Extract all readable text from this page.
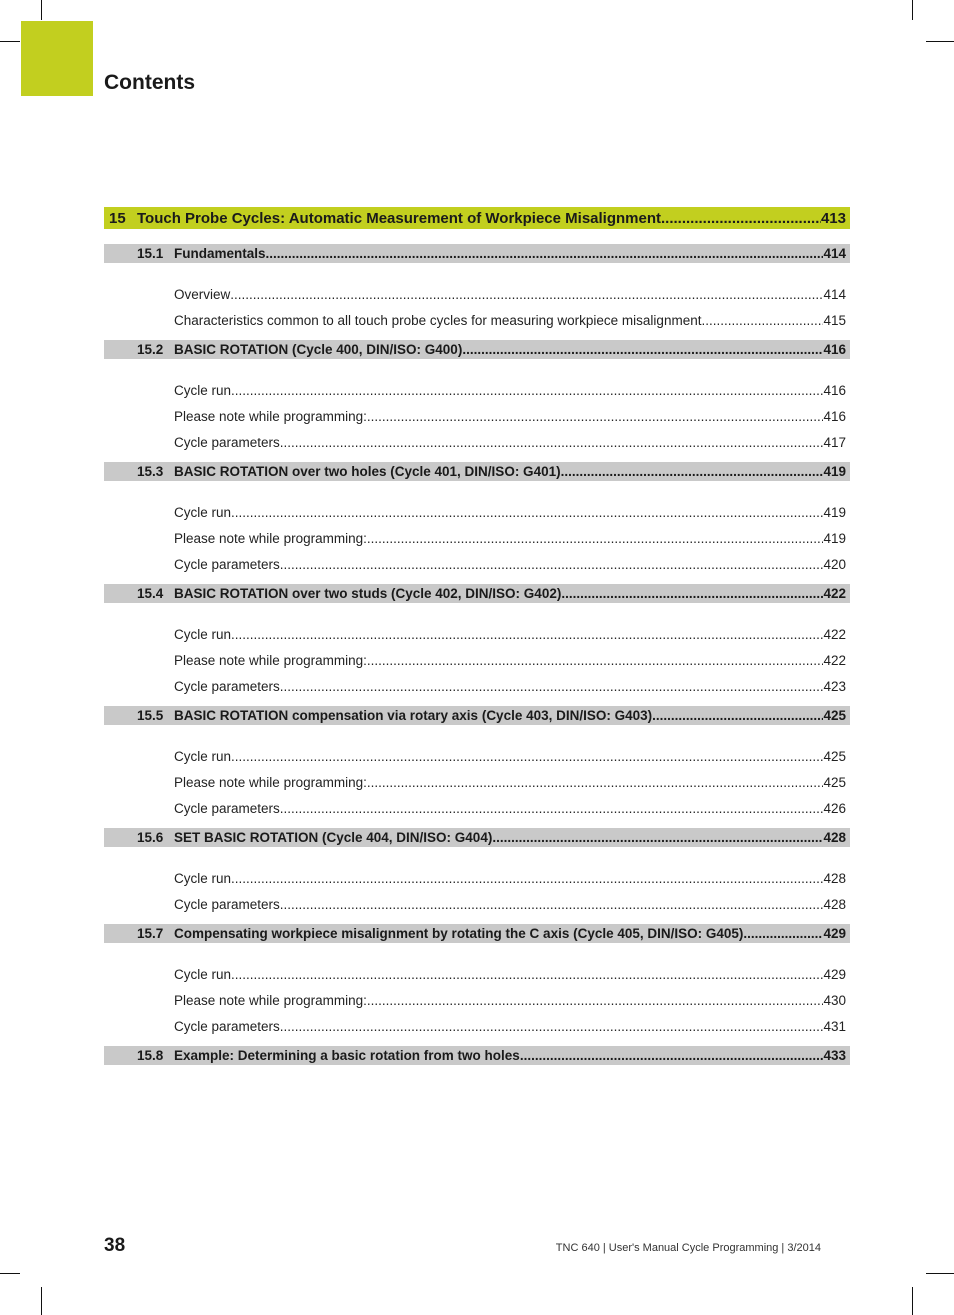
Contents
15 Touch Probe Cycles: Automatic Measurement of Workpiece Misalignment .....	413
15.1 Fundamentals .....	414
Overview .....	414
Characteristics common to all touch probe cycles for measuring workpiece misalignment .....	415
15.2 BASIC ROTATION (Cycle 400, DIN/ISO: G400) .....	416
Cycle run .....	416
Please note while programming: .....	416
Cycle parameters .....	417
15.3 BASIC ROTATION over two holes (Cycle 401, DIN/ISO: G401) .....	419
Cycle run .....	419
Please note while programming: .....	419
Cycle parameters .....	420
15.4 BASIC ROTATION over two studs (Cycle 402, DIN/ISO: G402) .....	422
Cycle run .....	422
Please note while programming: .....	422
Cycle parameters .....	423
15.5 BASIC ROTATION compensation via rotary axis (Cycle 403, DIN/ISO: G403) .....	425
Cycle run .....	425
Please note while programming: .....	425
Cycle parameters .....	426
15.6 SET BASIC ROTATION (Cycle 404, DIN/ISO: G404) .....	428
Cycle run .....	428
Cycle parameters .....	428
15.7 Compensating workpiece misalignment by rotating the C axis (Cycle 405, DIN/ISO: G405) .....	429
Cycle run .....	429
Please note while programming: .....	430
Cycle parameters .....	431
15.8 Example: Determining a basic rotation from two holes .....	433
38	TNC 640 | User's Manual Cycle Programming | 3/2014
